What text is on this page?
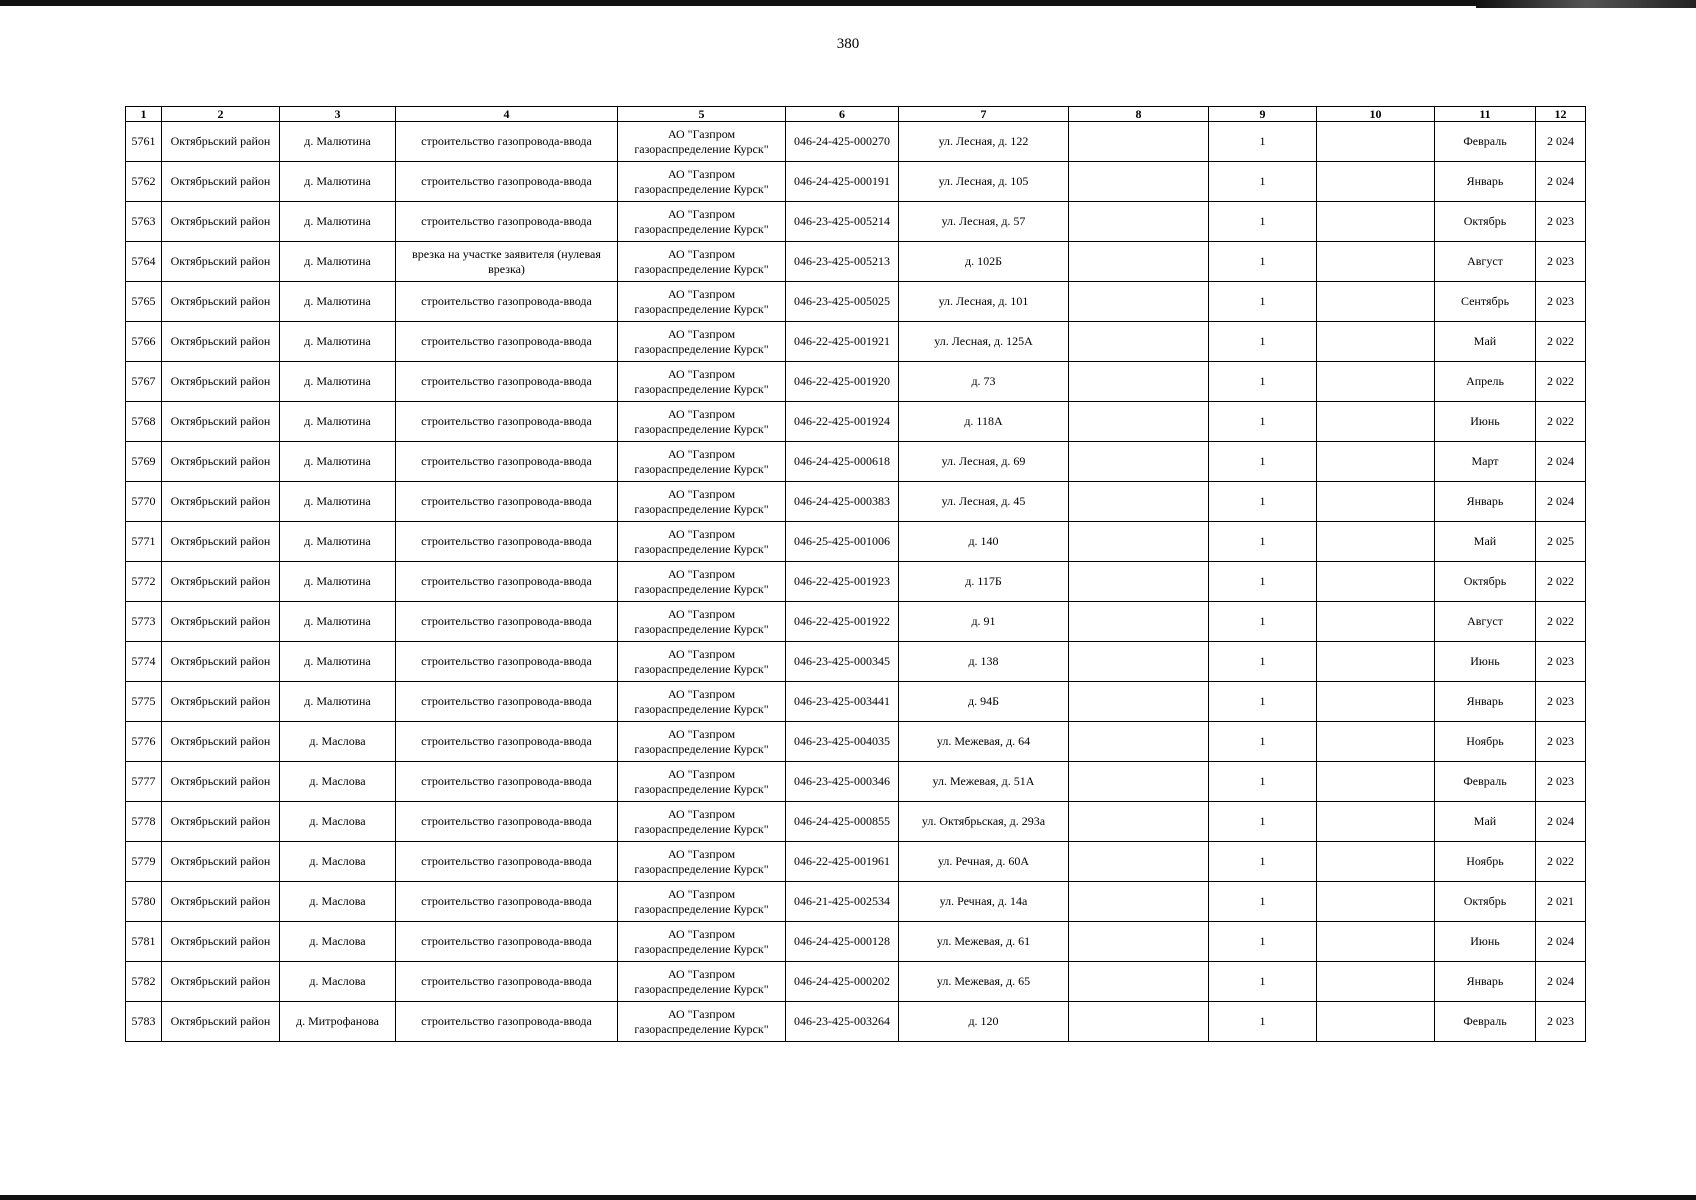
380
1	2	3	4	5	6	7	8	9	10	11	12
5761	Октябрьский район	д. Малютина	строительство газопровода-ввода	АО "Газпром газораспределение Курск"	046-24-425-000270	ул. Лесная, д. 122		1		Февраль	2 024
5762	Октябрьский район	д. Малютина	строительство газопровода-ввода	АО "Газпром газораспределение Курск"	046-24-425-000191	ул. Лесная, д. 105		1		Январь	2 024
5763	Октябрьский район	д. Малютина	строительство газопровода-ввода	АО "Газпром газораспределение Курск"	046-23-425-005214	ул. Лесная, д. 57		1		Октябрь	2 023
5764	Октябрьский район	д. Малютина	врезка на участке заявителя (нулевая врезка)	АО "Газпром газораспределение Курск"	046-23-425-005213	д. 102Б		1		Август	2 023
5765	Октябрьский район	д. Малютина	строительство газопровода-ввода	АО "Газпром газораспределение Курск"	046-23-425-005025	ул. Лесная, д. 101		1		Сентябрь	2 023
5766	Октябрьский район	д. Малютина	строительство газопровода-ввода	АО "Газпром газораспределение Курск"	046-22-425-001921	ул. Лесная, д. 125А		1		Май	2 022
5767	Октябрьский район	д. Малютина	строительство газопровода-ввода	АО "Газпром газораспределение Курск"	046-22-425-001920	д. 73		1		Апрель	2 022
5768	Октябрьский район	д. Малютина	строительство газопровода-ввода	АО "Газпром газораспределение Курск"	046-22-425-001924	д. 118А		1		Июнь	2 022
5769	Октябрьский район	д. Малютина	строительство газопровода-ввода	АО "Газпром газораспределение Курск"	046-24-425-000618	ул. Лесная, д. 69		1		Март	2 024
5770	Октябрьский район	д. Малютина	строительство газопровода-ввода	АО "Газпром газораспределение Курск"	046-24-425-000383	ул. Лесная, д. 45		1		Январь	2 024
5771	Октябрьский район	д. Малютина	строительство газопровода-ввода	АО "Газпром газораспределение Курск"	046-25-425-001006	д. 140		1		Май	2 025
5772	Октябрьский район	д. Малютина	строительство газопровода-ввода	АО "Газпром газораспределение Курск"	046-22-425-001923	д. 117Б		1		Октябрь	2 022
5773	Октябрьский район	д. Малютина	строительство газопровода-ввода	АО "Газпром газораспределение Курск"	046-22-425-001922	д. 91		1		Август	2 022
5774	Октябрьский район	д. Малютина	строительство газопровода-ввода	АО "Газпром газораспределение Курск"	046-23-425-000345	д. 138		1		Июнь	2 023
5775	Октябрьский район	д. Малютина	строительство газопровода-ввода	АО "Газпром газораспределение Курск"	046-23-425-003441	д. 94Б		1		Январь	2 023
5776	Октябрьский район	д. Маслова	строительство газопровода-ввода	АО "Газпром газораспределение Курск"	046-23-425-004035	ул. Межевая, д. 64		1		Ноябрь	2 023
5777	Октябрьский район	д. Маслова	строительство газопровода-ввода	АО "Газпром газораспределение Курск"	046-23-425-000346	ул. Межевая, д. 51А		1		Февраль	2 023
5778	Октябрьский район	д. Маслова	строительство газопровода-ввода	АО "Газпром газораспределение Курск"	046-24-425-000855	ул. Октябрьская, д. 293а		1		Май	2 024
5779	Октябрьский район	д. Маслова	строительство газопровода-ввода	АО "Газпром газораспределение Курск"	046-22-425-001961	ул. Речная, д. 60А		1		Ноябрь	2 022
5780	Октябрьский район	д. Маслова	строительство газопровода-ввода	АО "Газпром газораспределение Курск"	046-21-425-002534	ул. Речная, д. 14а		1		Октябрь	2 021
5781	Октябрьский район	д. Маслова	строительство газопровода-ввода	АО "Газпром газораспределение Курск"	046-24-425-000128	ул. Межевая, д. 61		1		Июнь	2 024
5782	Октябрьский район	д. Маслова	строительство газопровода-ввода	АО "Газпром газораспределение Курск"	046-24-425-000202	ул. Межевая, д. 65		1		Январь	2 024
5783	Октябрьский район	д. Митрофанова	строительство газопровода-ввода	АО "Газпром газораспределение Курск"	046-23-425-003264	д. 120		1		Февраль	2 023
